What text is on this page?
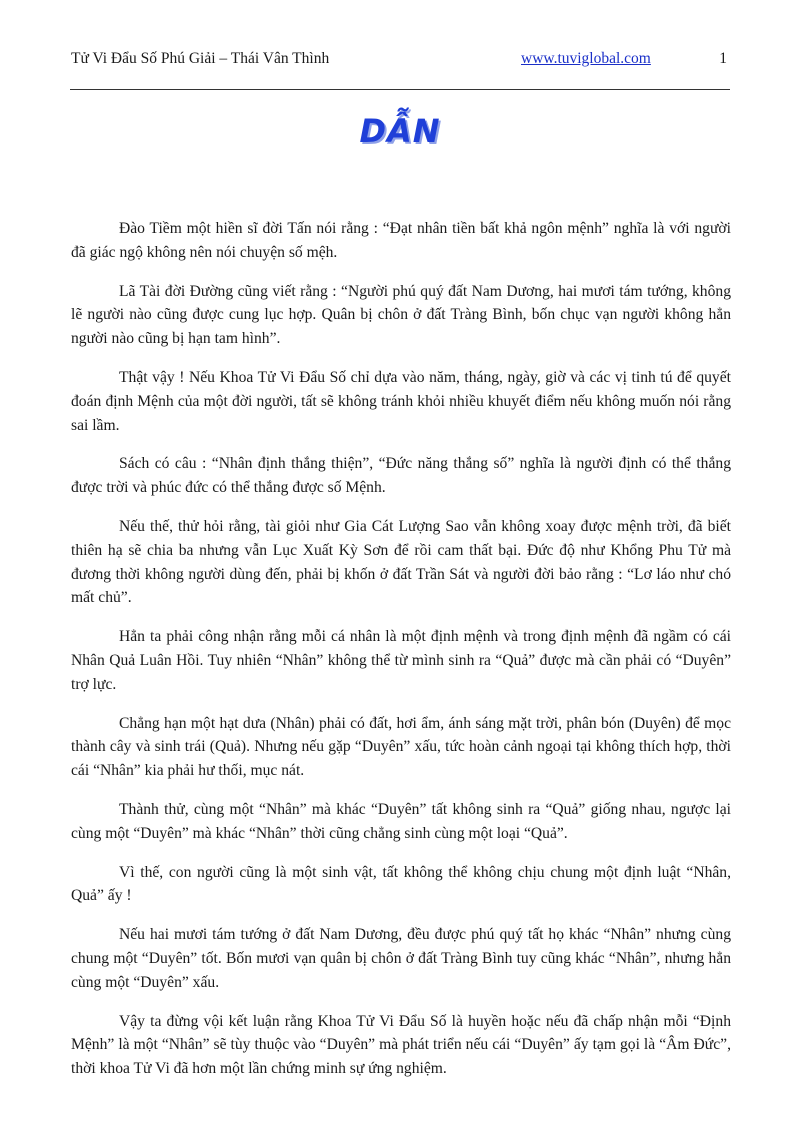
Tử Vi Đẩu Số Phú Giải – Thái Vân Thình	www.tuviglobal.com	1
DẪN

Đào Tiềm một hiền sĩ đời Tấn nói rằng : “Đạt nhân tiền bất khả ngôn mệnh” nghĩa là với người đã giác ngộ không nên nói chuyện số mệh.

Lã Tài đời Đường cũng viết rằng : “Người phú quý đất Nam Dương, hai mươi tám tướng, không lẽ người nào cũng được cung lục hợp. Quân bị chôn ở đất Tràng Bình, bốn chục vạn người không hẳn người nào cũng bị hạn tam hình”.

Thật vậy ! Nếu Khoa Tử Vi Đẩu Số chỉ dựa vào năm, tháng, ngày, giờ và các vị tinh tú để quyết đoán định Mệnh của một đời người, tất sẽ không tránh khỏi nhiều khuyết điểm nếu không muốn nói rằng sai lầm.

Sách có câu : “Nhân định thắng thiện”, “Đức năng thắng số” nghĩa là người định có thể thắng được trời và phúc đức có thể thắng được số Mệnh.

Nếu thế, thử hỏi rằng, tài giỏi như Gia Cát Lượng Sao vẫn không xoay được mệnh trời, đã biết thiên hạ sẽ chia ba nhưng vẫn Lục Xuất Kỳ Sơn để rồi cam thất bại. Đức độ như Khổng Phu Tử mà đương thời không người dùng đến, phải bị khốn ở đất Trần Sát và người đời bảo rằng : “Lơ láo như chó mất chủ”.

Hẳn ta phải công nhận rằng mỗi cá nhân là một định mệnh và trong định mệnh đã ngầm có cái Nhân Quả Luân Hồi. Tuy nhiên “Nhân” không thể từ mình sinh ra “Quả” được mà cần phải có “Duyên” trợ lực.

Chẳng hạn một hạt dưa (Nhân) phải có đất, hơi ẩm, ánh sáng mặt trời, phân bón (Duyên) để mọc thành cây và sinh trái (Quả). Nhưng nếu gặp “Duyên” xấu, tức hoàn cảnh ngoại tại không thích hợp, thời cái “Nhân” kia phải hư thối, mục nát.

Thành thử, cùng một “Nhân” mà khác “Duyên” tất không sinh ra “Quả” giống nhau, ngược lại cùng một “Duyên” mà khác “Nhân” thời cũng chẳng sinh cùng một loại “Quả”.

Vì thế, con người cũng là một sinh vật, tất không thể không chịu chung một định luật “Nhân, Quả” ấy !

Nếu hai mươi tám tướng ở đất Nam Dương, đều được phú quý tất họ khác “Nhân” nhưng cùng chung một “Duyên” tốt. Bốn mươi vạn quân bị chôn ở đất Tràng Bình tuy cũng khác “Nhân”, nhưng hẳn cùng một “Duyên” xấu.

Vậy ta đừng vội kết luận rằng Khoa Tử Vi Đẩu Số là huyền hoặc nếu đã chấp nhận mỗi “Định Mệnh” là một “Nhân” sẽ tùy thuộc vào “Duyên” mà phát triển nếu cái “Duyên” ấy tạm gọi là “Âm Đức”, thời khoa Tử Vi đã hơn một lần chứng minh sự ứng nghiệm.
